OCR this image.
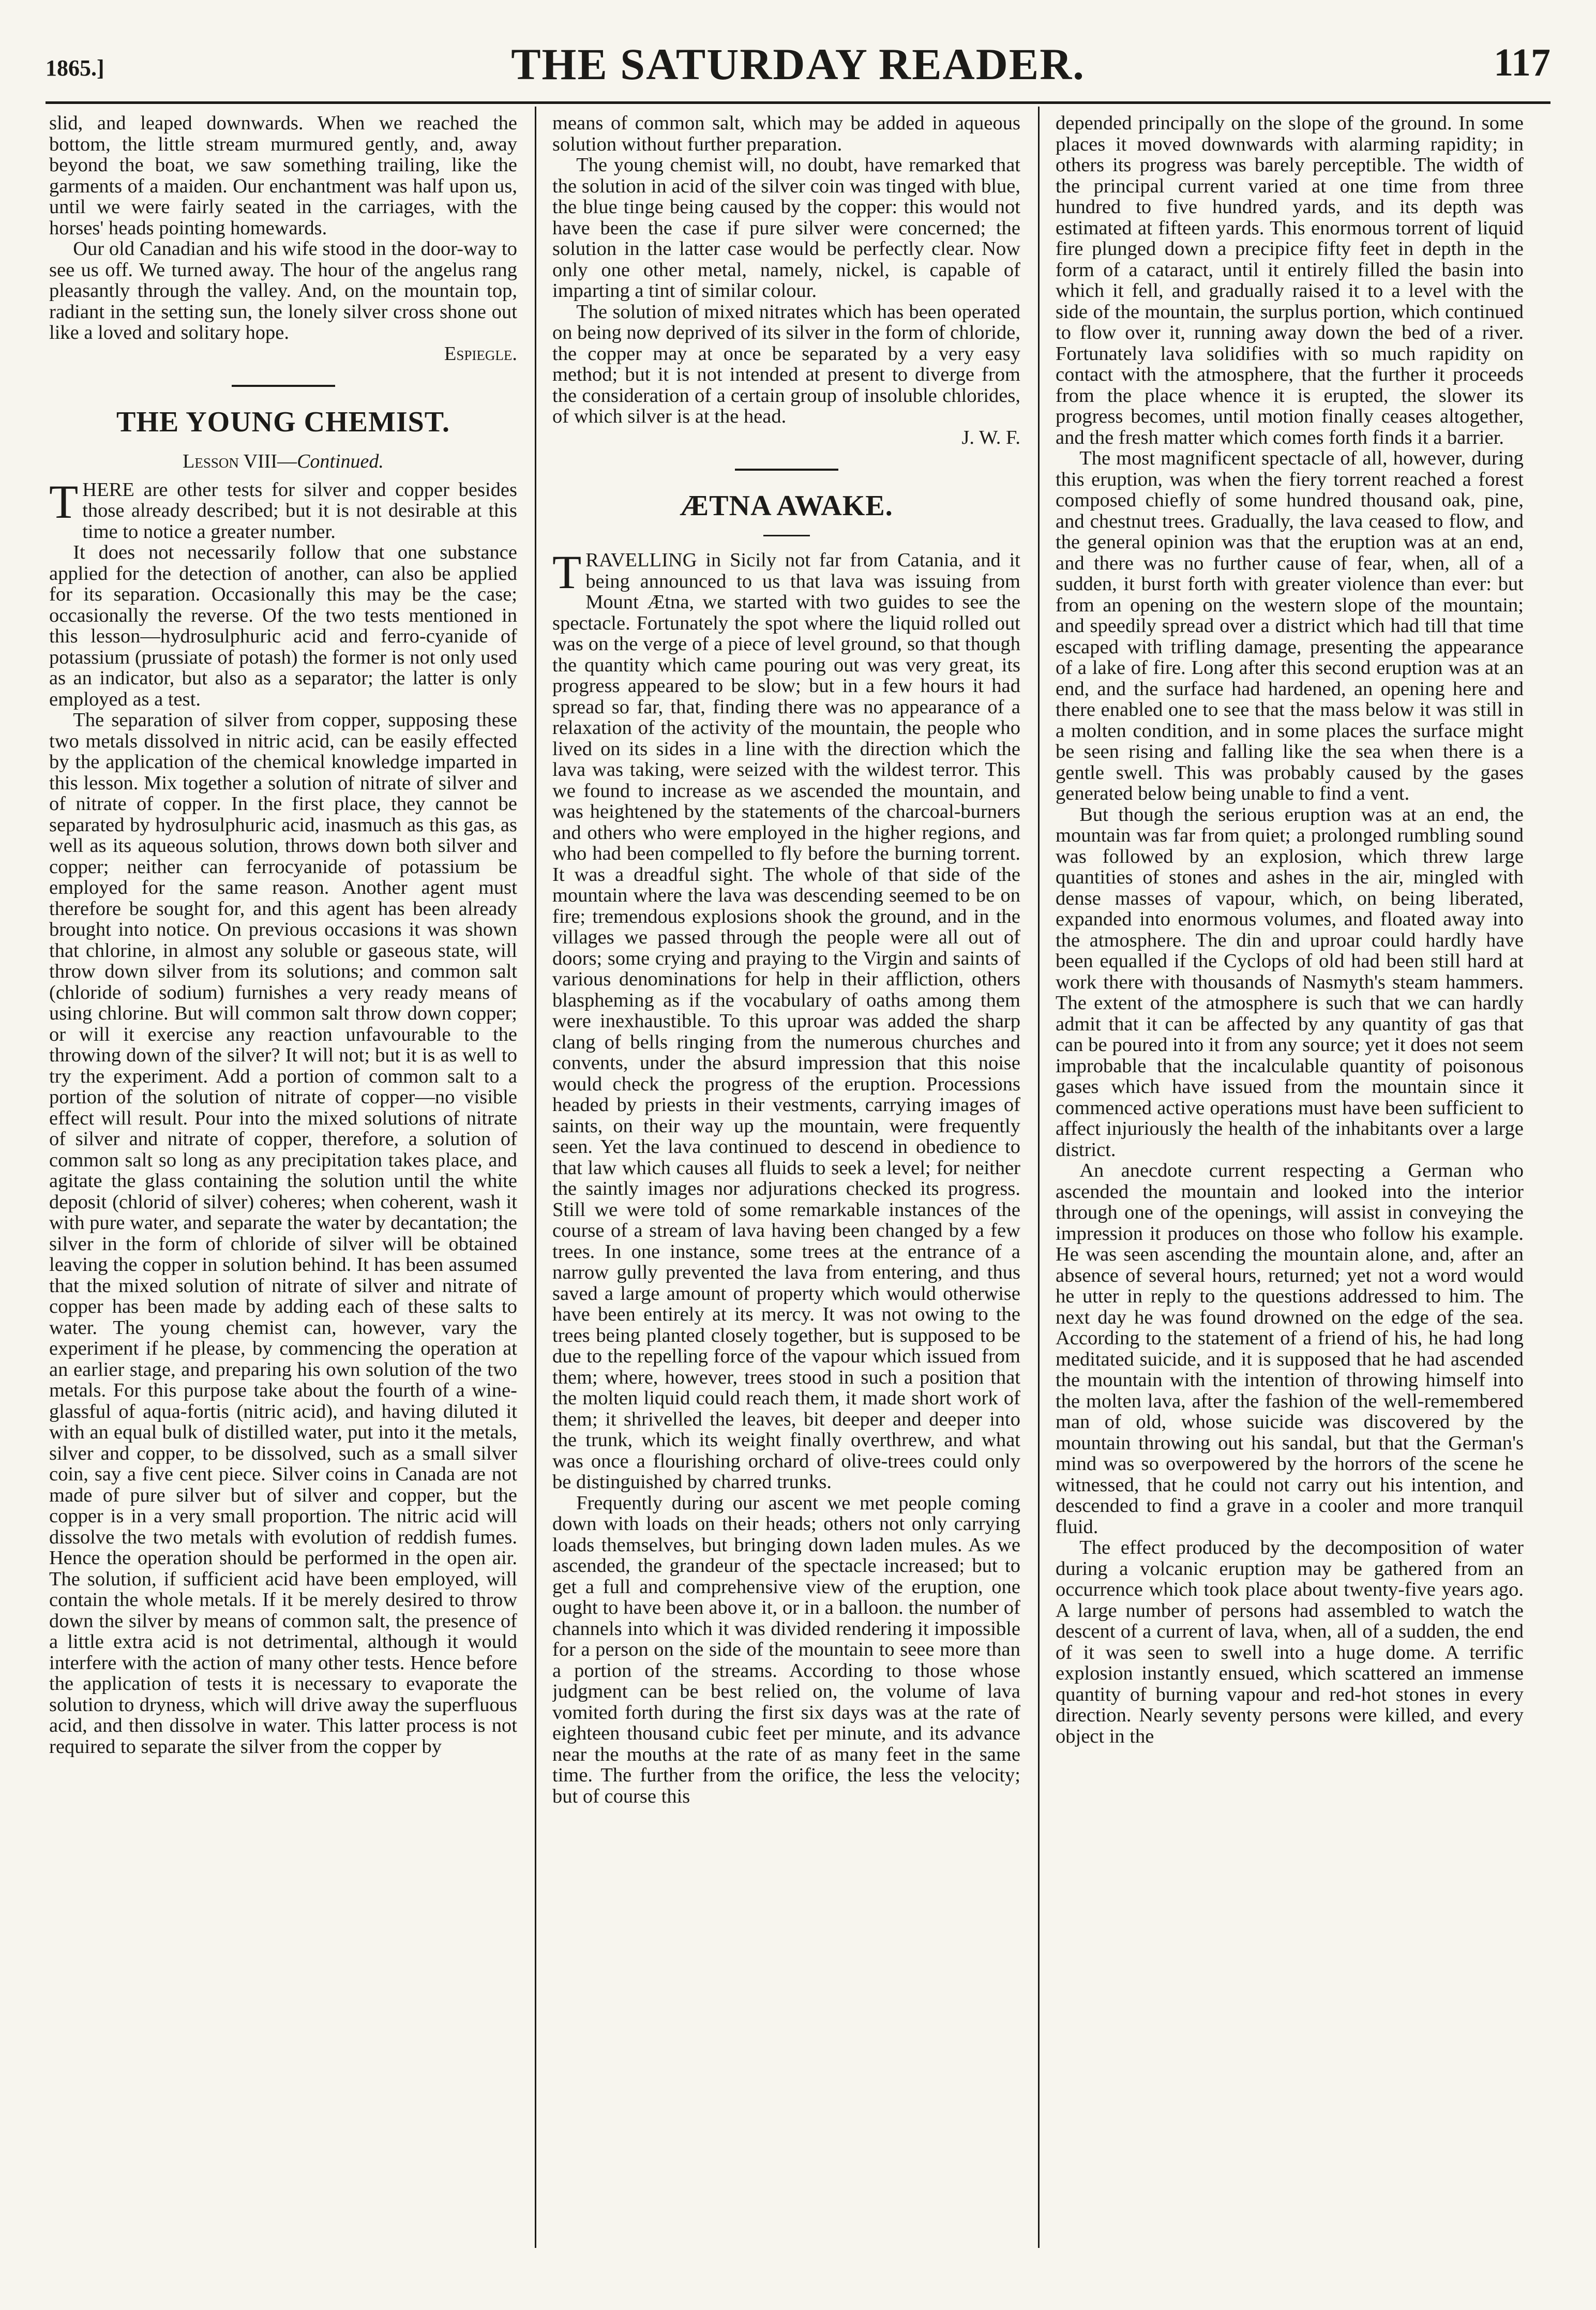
1865.]	THE SATURDAY READER.	117

slid, and leaped downwards. When we reached the bottom, the little stream murmured gently, and, away beyond the boat, we saw something trailing, like the garments of a maiden. Our enchantment was half upon us, until we were fairly seated in the carriages, with the horses' heads pointing homewards.

Our old Canadian and his wife stood in the door-way to see us off. We turned away. The hour of the angelus rang pleasantly through the valley. And, on the mountain top, radiant in the setting sun, the lonely silver cross shone out like a loved and solitary hope.

Espiegle.

THE YOUNG CHEMIST.
Lesson VIII—Continued.

THERE are other tests for silver and copper besides those already described; but it is not desirable at this time to notice a greater number.

It does not necessarily follow that one substance applied for the detection of another, can also be applied for its separation. Occasionally this may be the case; occasionally the reverse. Of the two tests mentioned in this lesson—hydrosulphuric acid and ferro-cyanide of potassium (prussiate of potash) the former is not only used as an indicator, but also as a separator; the latter is only employed as a test.

The separation of silver from copper, supposing these two metals dissolved in nitric acid, can be easily effected by the application of the chemical knowledge imparted in this lesson. Mix together a solution of nitrate of silver and of nitrate of copper. In the first place, they cannot be separated by hydrosulphuric acid, inasmuch as this gas, as well as its aqueous solution, throws down both silver and copper; neither can ferrocyanide of potassium be employed for the same reason. Another agent must therefore be sought for, and this agent has been already brought into notice. On previous occasions it was shown that chlorine, in almost any soluble or gaseous state, will throw down silver from its solutions; and common salt (chloride of sodium) furnishes a very ready means of using chlorine. But will common salt throw down copper; or will it exercise any reaction unfavourable to the throwing down of the silver? It will not; but it is as well to try the experiment. Add a portion of common salt to a portion of the solution of nitrate of copper—no visible effect will result. Pour into the mixed solutions of nitrate of silver and nitrate of copper, therefore, a solution of common salt so long as any precipitation takes place, and agitate the glass containing the solution until the white deposit (chlorid of silver) coheres; when coherent, wash it with pure water, and separate the water by decantation; the silver in the form of chloride of silver will be obtained leaving the copper in solution behind. It has been assumed that the mixed solution of nitrate of silver and nitrate of copper has been made by adding each of these salts to water. The young chemist can, however, vary the experiment if he please, by commencing the operation at an earlier stage, and preparing his own solution of the two metals. For this purpose take about the fourth of a wine-glassful of aqua-fortis (nitric acid), and having diluted it with an equal bulk of distilled water, put into it the metals, silver and copper, to be dissolved, such as a small silver coin, say a five cent piece. Silver coins in Canada are not made of pure silver but of silver and copper, but the copper is in a very small proportion. The nitric acid will dissolve the two metals with evolution of reddish fumes. Hence the operation should be performed in the open air. The solution, if sufficient acid have been employed, will contain the whole metals. If it be merely desired to throw down the silver by means of common salt, the presence of a little extra acid is not detrimental, although it would interfere with the action of many other tests. Hence before the application of tests it is necessary to evaporate the solution to dryness, which will drive away the superfluous acid, and then dissolve in water. This latter process is not required to separate the silver from the copper by

means of common salt, which may be added in aqueous solution without further preparation.

The young chemist will, no doubt, have remarked that the solution in acid of the silver coin was tinged with blue, the blue tinge being caused by the copper: this would not have been the case if pure silver were concerned; the solution in the latter case would be perfectly clear. Now only one other metal, namely, nickel, is capable of imparting a tint of similar colour.

The solution of mixed nitrates which has been operated on being now deprived of its silver in the form of chloride, the copper may at once be separated by a very easy method; but it is not intended at present to diverge from the consideration of a certain group of insoluble chlorides, of which silver is at the head.

J. W. F.

ÆTNA AWAKE.

TRAVELLING in Sicily not far from Catania, and it being announced to us that lava was issuing from Mount Ætna, we started with two guides to see the spectacle. Fortunately the spot where the liquid rolled out was on the verge of a piece of level ground, so that though the quantity which came pouring out was very great, its progress appeared to be slow; but in a few hours it had spread so far, that, finding there was no appearance of a relaxation of the activity of the mountain, the people who lived on its sides in a line with the direction which the lava was taking, were seized with the wildest terror. This we found to increase as we ascended the mountain, and was heightened by the statements of the charcoal-burners and others who were employed in the higher regions, and who had been compelled to fly before the burning torrent. It was a dreadful sight. The whole of that side of the mountain where the lava was descending seemed to be on fire; tremendous explosions shook the ground, and in the villages we passed through the people were all out of doors; some crying and praying to the Virgin and saints of various denominations for help in their affliction, others blaspheming as if the vocabulary of oaths among them were inexhaustible. To this uproar was added the sharp clang of bells ringing from the numerous churches and convents, under the absurd impression that this noise would check the progress of the eruption. Processions headed by priests in their vestments, carrying images of saints, on their way up the mountain, were frequently seen. Yet the lava continued to descend in obedience to that law which causes all fluids to seek a level; for neither the saintly images nor adjurations checked its progress. Still we were told of some remarkable instances of the course of a stream of lava having been changed by a few trees. In one instance, some trees at the entrance of a narrow gully prevented the lava from entering, and thus saved a large amount of property which would otherwise have been entirely at its mercy. It was not owing to the trees being planted closely together, but is supposed to be due to the repelling force of the vapour which issued from them; where, however, trees stood in such a position that the molten liquid could reach them, it made short work of them; it shrivelled the leaves, bit deeper and deeper into the trunk, which its weight finally overthrew, and what was once a flourishing orchard of olive-trees could only be distinguished by charred trunks.

Frequently during our ascent we met people coming down with loads on their heads; others not only carrying loads themselves, but bringing down laden mules. As we ascended, the grandeur of the spectacle increased; but to get a full and comprehensive view of the eruption, one ought to have been above it, or in a balloon. the number of channels into which it was divided rendering it impossible for a person on the side of the mountain to seee more than a portion of the streams. According to those whose judgment can be best relied on, the volume of lava vomited forth during the first six days was at the rate of eighteen thousand cubic feet per minute, and its advance near the mouths at the rate of as many feet in the same time. The further from the orifice, the less the velocity; but of course this

depended principally on the slope of the ground. In some places it moved downwards with alarming rapidity; in others its progress was barely perceptible. The width of the principal current varied at one time from three hundred to five hundred yards, and its depth was estimated at fifteen yards. This enormous torrent of liquid fire plunged down a precipice fifty feet in depth in the form of a cataract, until it entirely filled the basin into which it fell, and gradually raised it to a level with the side of the mountain, the surplus portion, which continued to flow over it, running away down the bed of a river. Fortunately lava solidifies with so much rapidity on contact with the atmosphere, that the further it proceeds from the place whence it is erupted, the slower its progress becomes, until motion finally ceases altogether, and the fresh matter which comes forth finds it a barrier.

The most magnificent spectacle of all, however, during this eruption, was when the fiery torrent reached a forest composed chiefly of some hundred thousand oak, pine, and chestnut trees. Gradually, the lava ceased to flow, and the general opinion was that the eruption was at an end, and there was no further cause of fear, when, all of a sudden, it burst forth with greater violence than ever: but from an opening on the western slope of the mountain; and speedily spread over a district which had till that time escaped with trifling damage, presenting the appearance of a lake of fire. Long after this second eruption was at an end, and the surface had hardened, an opening here and there enabled one to see that the mass below it was still in a molten condition, and in some places the surface might be seen rising and falling like the sea when there is a gentle swell. This was probably caused by the gases generated below being unable to find a vent.

But though the serious eruption was at an end, the mountain was far from quiet; a prolonged rumbling sound was followed by an explosion, which threw large quantities of stones and ashes in the air, mingled with dense masses of vapour, which, on being liberated, expanded into enormous volumes, and floated away into the atmosphere. The din and uproar could hardly have been equalled if the Cyclops of old had been still hard at work there with thousands of Nasmyth's steam hammers. The extent of the atmosphere is such that we can hardly admit that it can be affected by any quantity of gas that can be poured into it from any source; yet it does not seem improbable that the incalculable quantity of poisonous gases which have issued from the mountain since it commenced active operations must have been sufficient to affect injuriously the health of the inhabitants over a large district.

An anecdote current respecting a German who ascended the mountain and looked into the interior through one of the openings, will assist in conveying the impression it produces on those who follow his example. He was seen ascending the mountain alone, and, after an absence of several hours, returned; yet not a word would he utter in reply to the questions addressed to him. The next day he was found drowned on the edge of the sea. According to the statement of a friend of his, he had long meditated suicide, and it is supposed that he had ascended the mountain with the intention of throwing himself into the molten lava, after the fashion of the well-remembered man of old, whose suicide was discovered by the mountain throwing out his sandal, but that the German's mind was so overpowered by the horrors of the scene he witnessed, that he could not carry out his intention, and descended to find a grave in a cooler and more tranquil fluid.

The effect produced by the decomposition of water during a volcanic eruption may be gathered from an occurrence which took place about twenty-five years ago. A large number of persons had assembled to watch the descent of a current of lava, when, all of a sudden, the end of it was seen to swell into a huge dome. A terrific explosion instantly ensued, which scattered an immense quantity of burning vapour and red-hot stones in every direction. Nearly seventy persons were killed, and every object in the
